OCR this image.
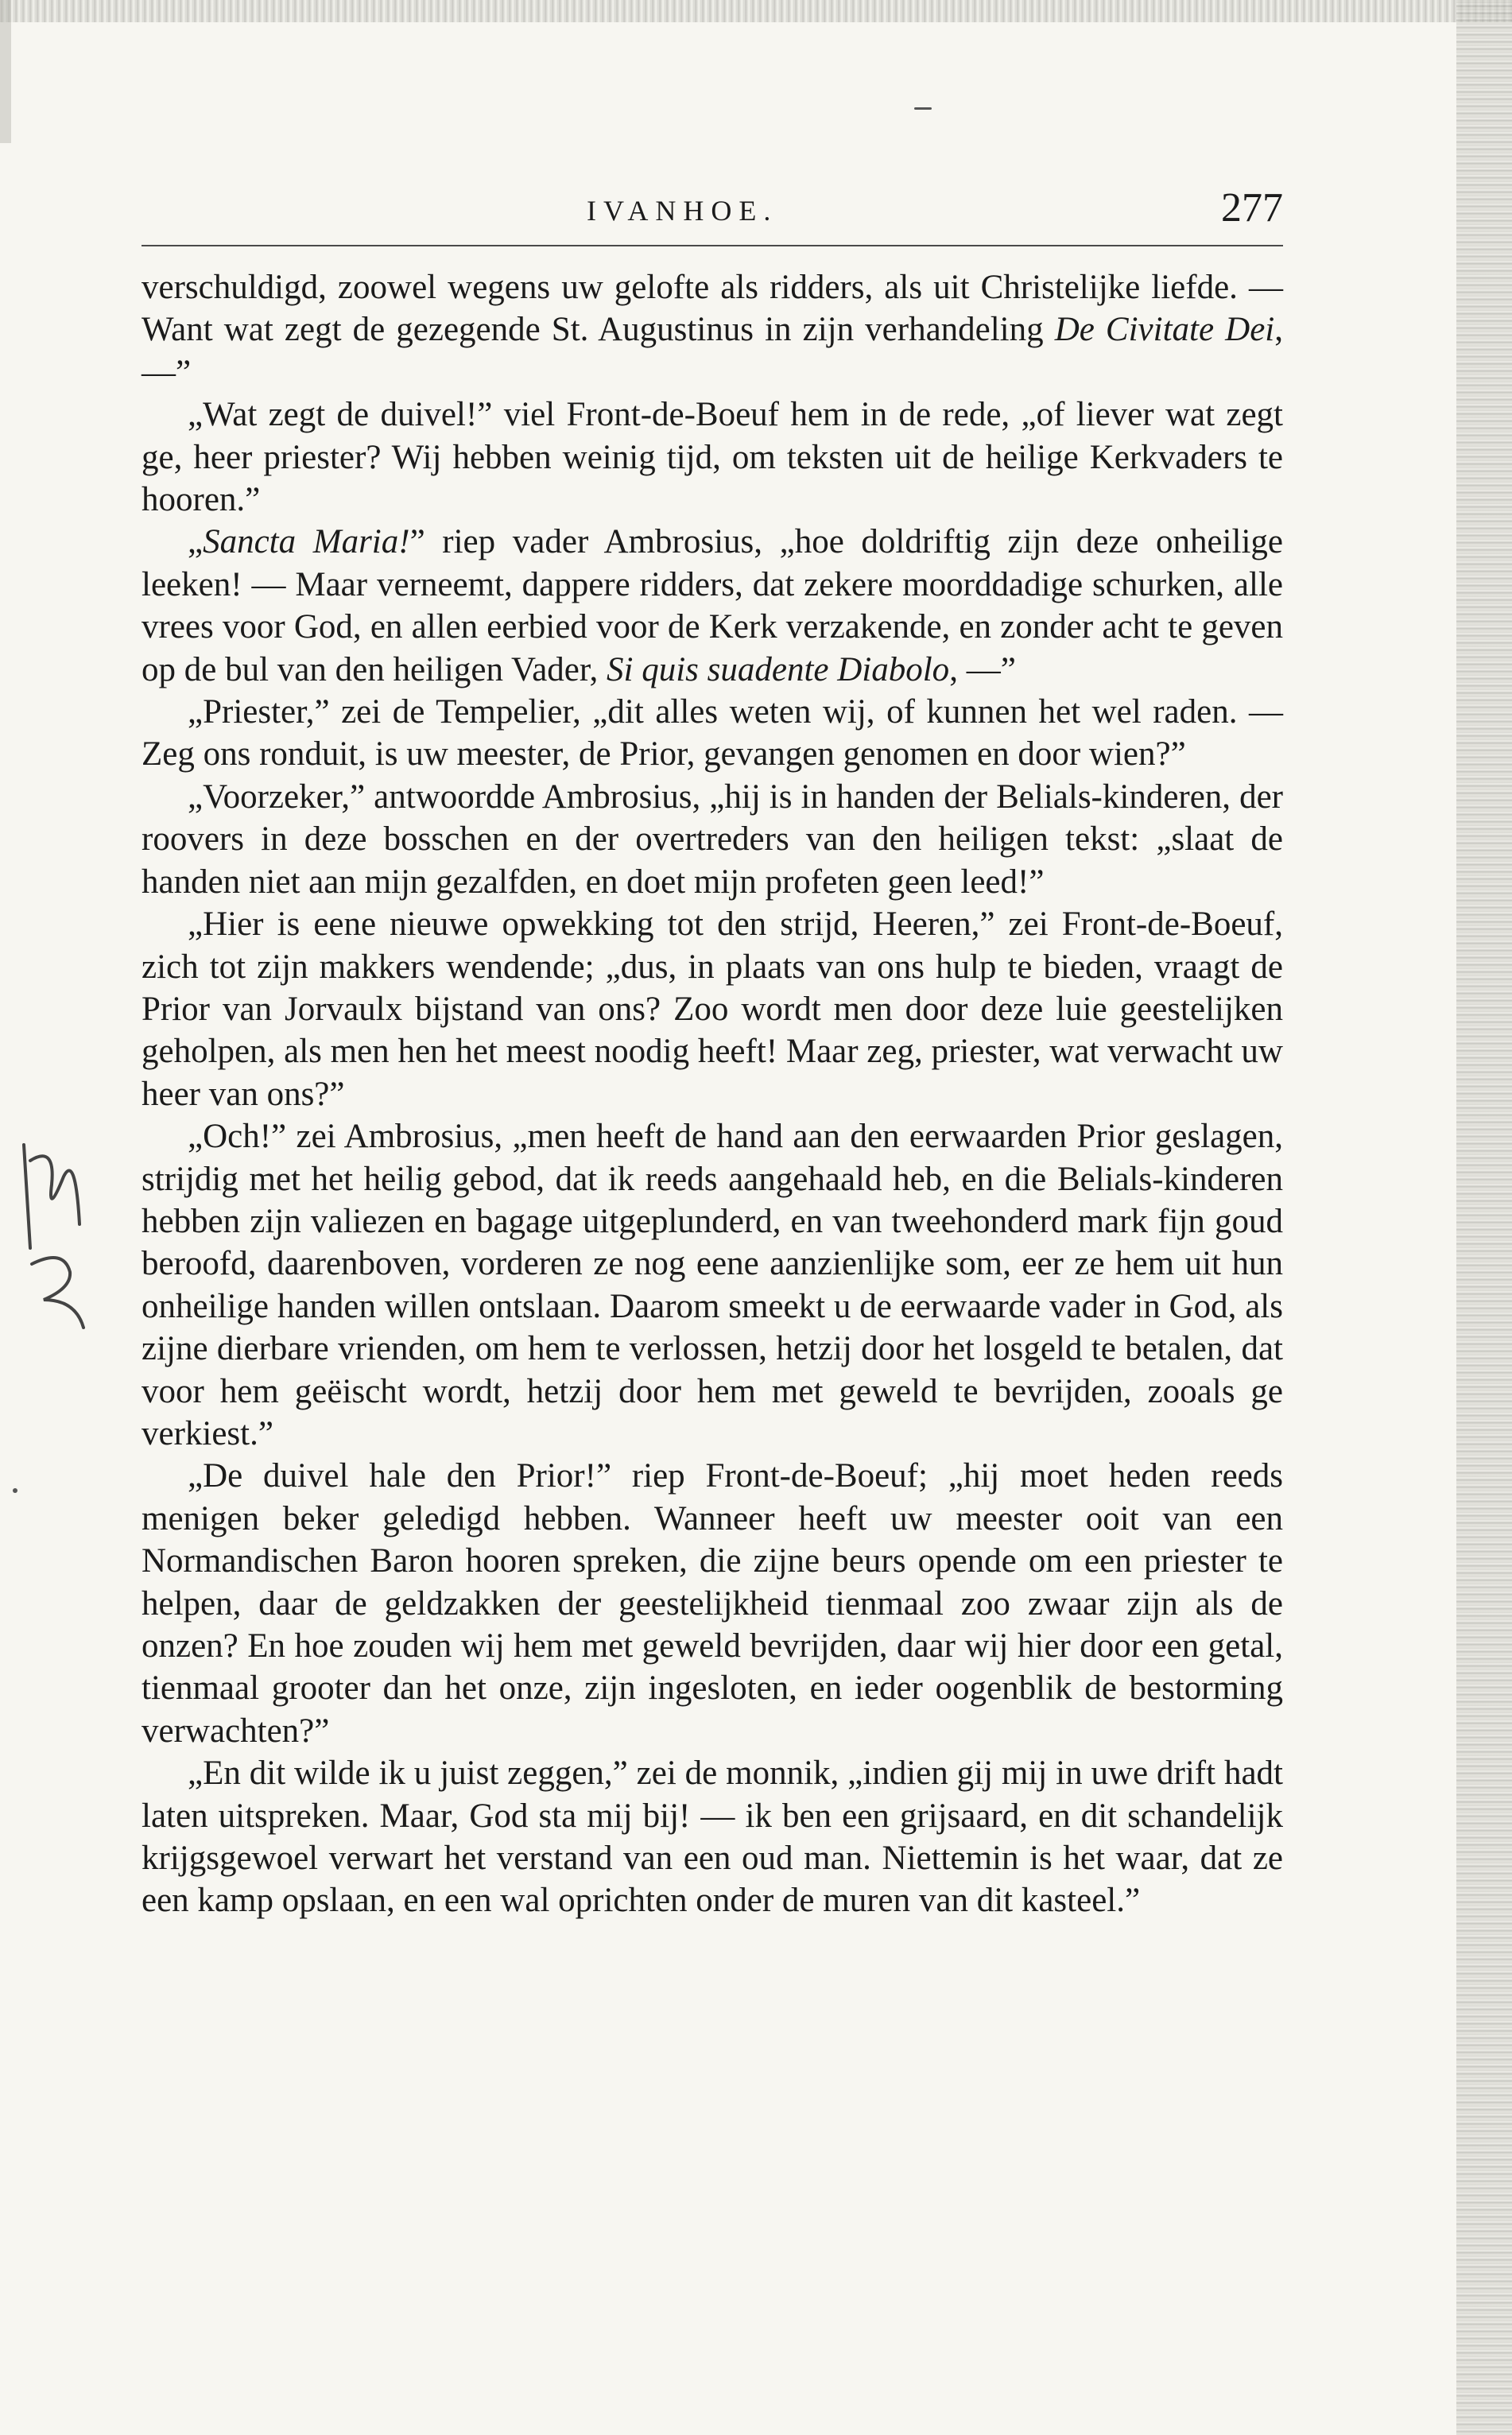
IVANHOE.	277

verschuldigd, zoowel wegens uw gelofte als ridders, als uit Christelijke liefde. — Want wat zegt de gezegende St. Augustinus in zijn verhandeling De Civitate Dei, —”

„Wat zegt de duivel!” viel Front-de-Boeuf hem in de rede, „of liever wat zegt ge, heer priester? Wij hebben weinig tijd, om teksten uit de heilige Kerkvaders te hooren.”

„Sancta Maria!” riep vader Ambrosius, „hoe doldriftig zijn deze onheilige leeken! — Maar verneemt, dappere ridders, dat zekere moorddadige schurken, alle vrees voor God, en allen eerbied voor de Kerk verzakende, en zonder acht te geven op de bul van den heiligen Vader, Si quis suadente Diabolo, —”

„Priester,” zei de Tempelier, „dit alles weten wij, of kunnen het wel raden. — Zeg ons ronduit, is uw meester, de Prior, gevangen genomen en door wien?”

„Voorzeker,” antwoordde Ambrosius, „hij is in handen der Belials-kinderen, der roovers in deze bosschen en der overtreders van den heiligen tekst: „slaat de handen niet aan mijn gezalfden, en doet mijn profeten geen leed!”

„Hier is eene nieuwe opwekking tot den strijd, Heeren,” zei Front-de-Boeuf, zich tot zijn makkers wendende; „dus, in plaats van ons hulp te bieden, vraagt de Prior van Jorvaulx bijstand van ons? Zoo wordt men door deze luie geestelijken geholpen, als men hen het meest noodig heeft! Maar zeg, priester, wat verwacht uw heer van ons?”

„Och!” zei Ambrosius, „men heeft de hand aan den eerwaarden Prior geslagen, strijdig met het heilig gebod, dat ik reeds aangehaald heb, en die Belials-kinderen hebben zijn valiezen en bagage uitgeplunderd, en van tweehonderd mark fijn goud beroofd, daarenboven, vorderen ze nog eene aanzienlijke som, eer ze hem uit hun onheilige handen willen ontslaan. Daarom smeekt u de eerwaarde vader in God, als zijne dierbare vrienden, om hem te verlossen, hetzij door het losgeld te betalen, dat voor hem geëischt wordt, hetzij door hem met geweld te bevrijden, zooals ge verkiest.”

„De duivel hale den Prior!” riep Front-de-Boeuf; „hij moet heden reeds menigen beker geledigd hebben. Wanneer heeft uw meester ooit van een Normandischen Baron hooren spreken, die zijne beurs opende om een priester te helpen, daar de geldzakken der geestelijkheid tienmaal zoo zwaar zijn als de onzen? En hoe zouden wij hem met geweld bevrijden, daar wij hier door een getal, tienmaal grooter dan het onze, zijn ingesloten, en ieder oogenblik de bestorming verwachten?”

„En dit wilde ik u juist zeggen,” zei de monnik, „indien gij mij in uwe drift hadt laten uitspreken. Maar, God sta mij bij! — ik ben een grijsaard, en dit schandelijk krijgsgewoel verwart het verstand van een oud man. Niettemin is het waar, dat ze een kamp opslaan, en een wal oprichten onder de muren van dit kasteel.”
